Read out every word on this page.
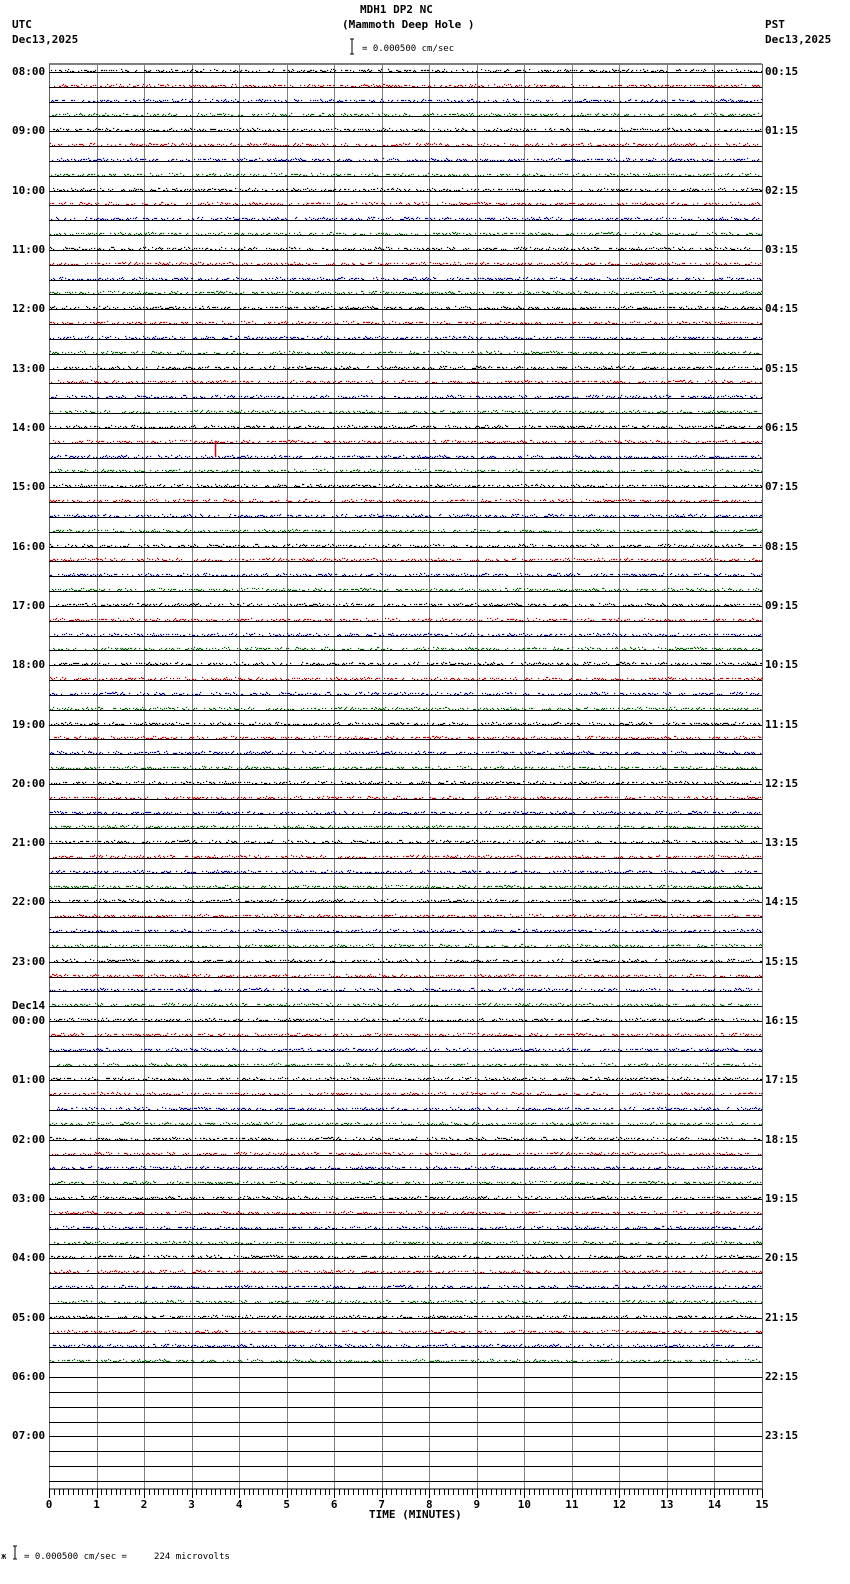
MDH1 DP2 NC
(Mammoth Deep Hole )
UTC
Dec13,2025
PST
Dec13,2025
= 0.000500 cm/sec
08:00
09:00
10:00
11:00
12:00
13:00
14:00
15:00
16:00
17:00
18:00
19:00
20:00
21:00
22:00
23:00
Dec14
00:00
01:00
02:00
03:00
04:00
05:00
06:00
07:00
00:15
01:15
02:15
03:15
04:15
05:15
06:15
07:15
08:15
09:15
10:15
11:15
12:15
13:15
14:15
15:15
16:15
17:15
18:15
19:15
20:15
21:15
22:15
23:15
0	1	2	3	4	5	6	7	8	9	10	11	12	13	14	15
TIME (MINUTES)
ж = 0.000500 cm/sec =     224 microvolts
